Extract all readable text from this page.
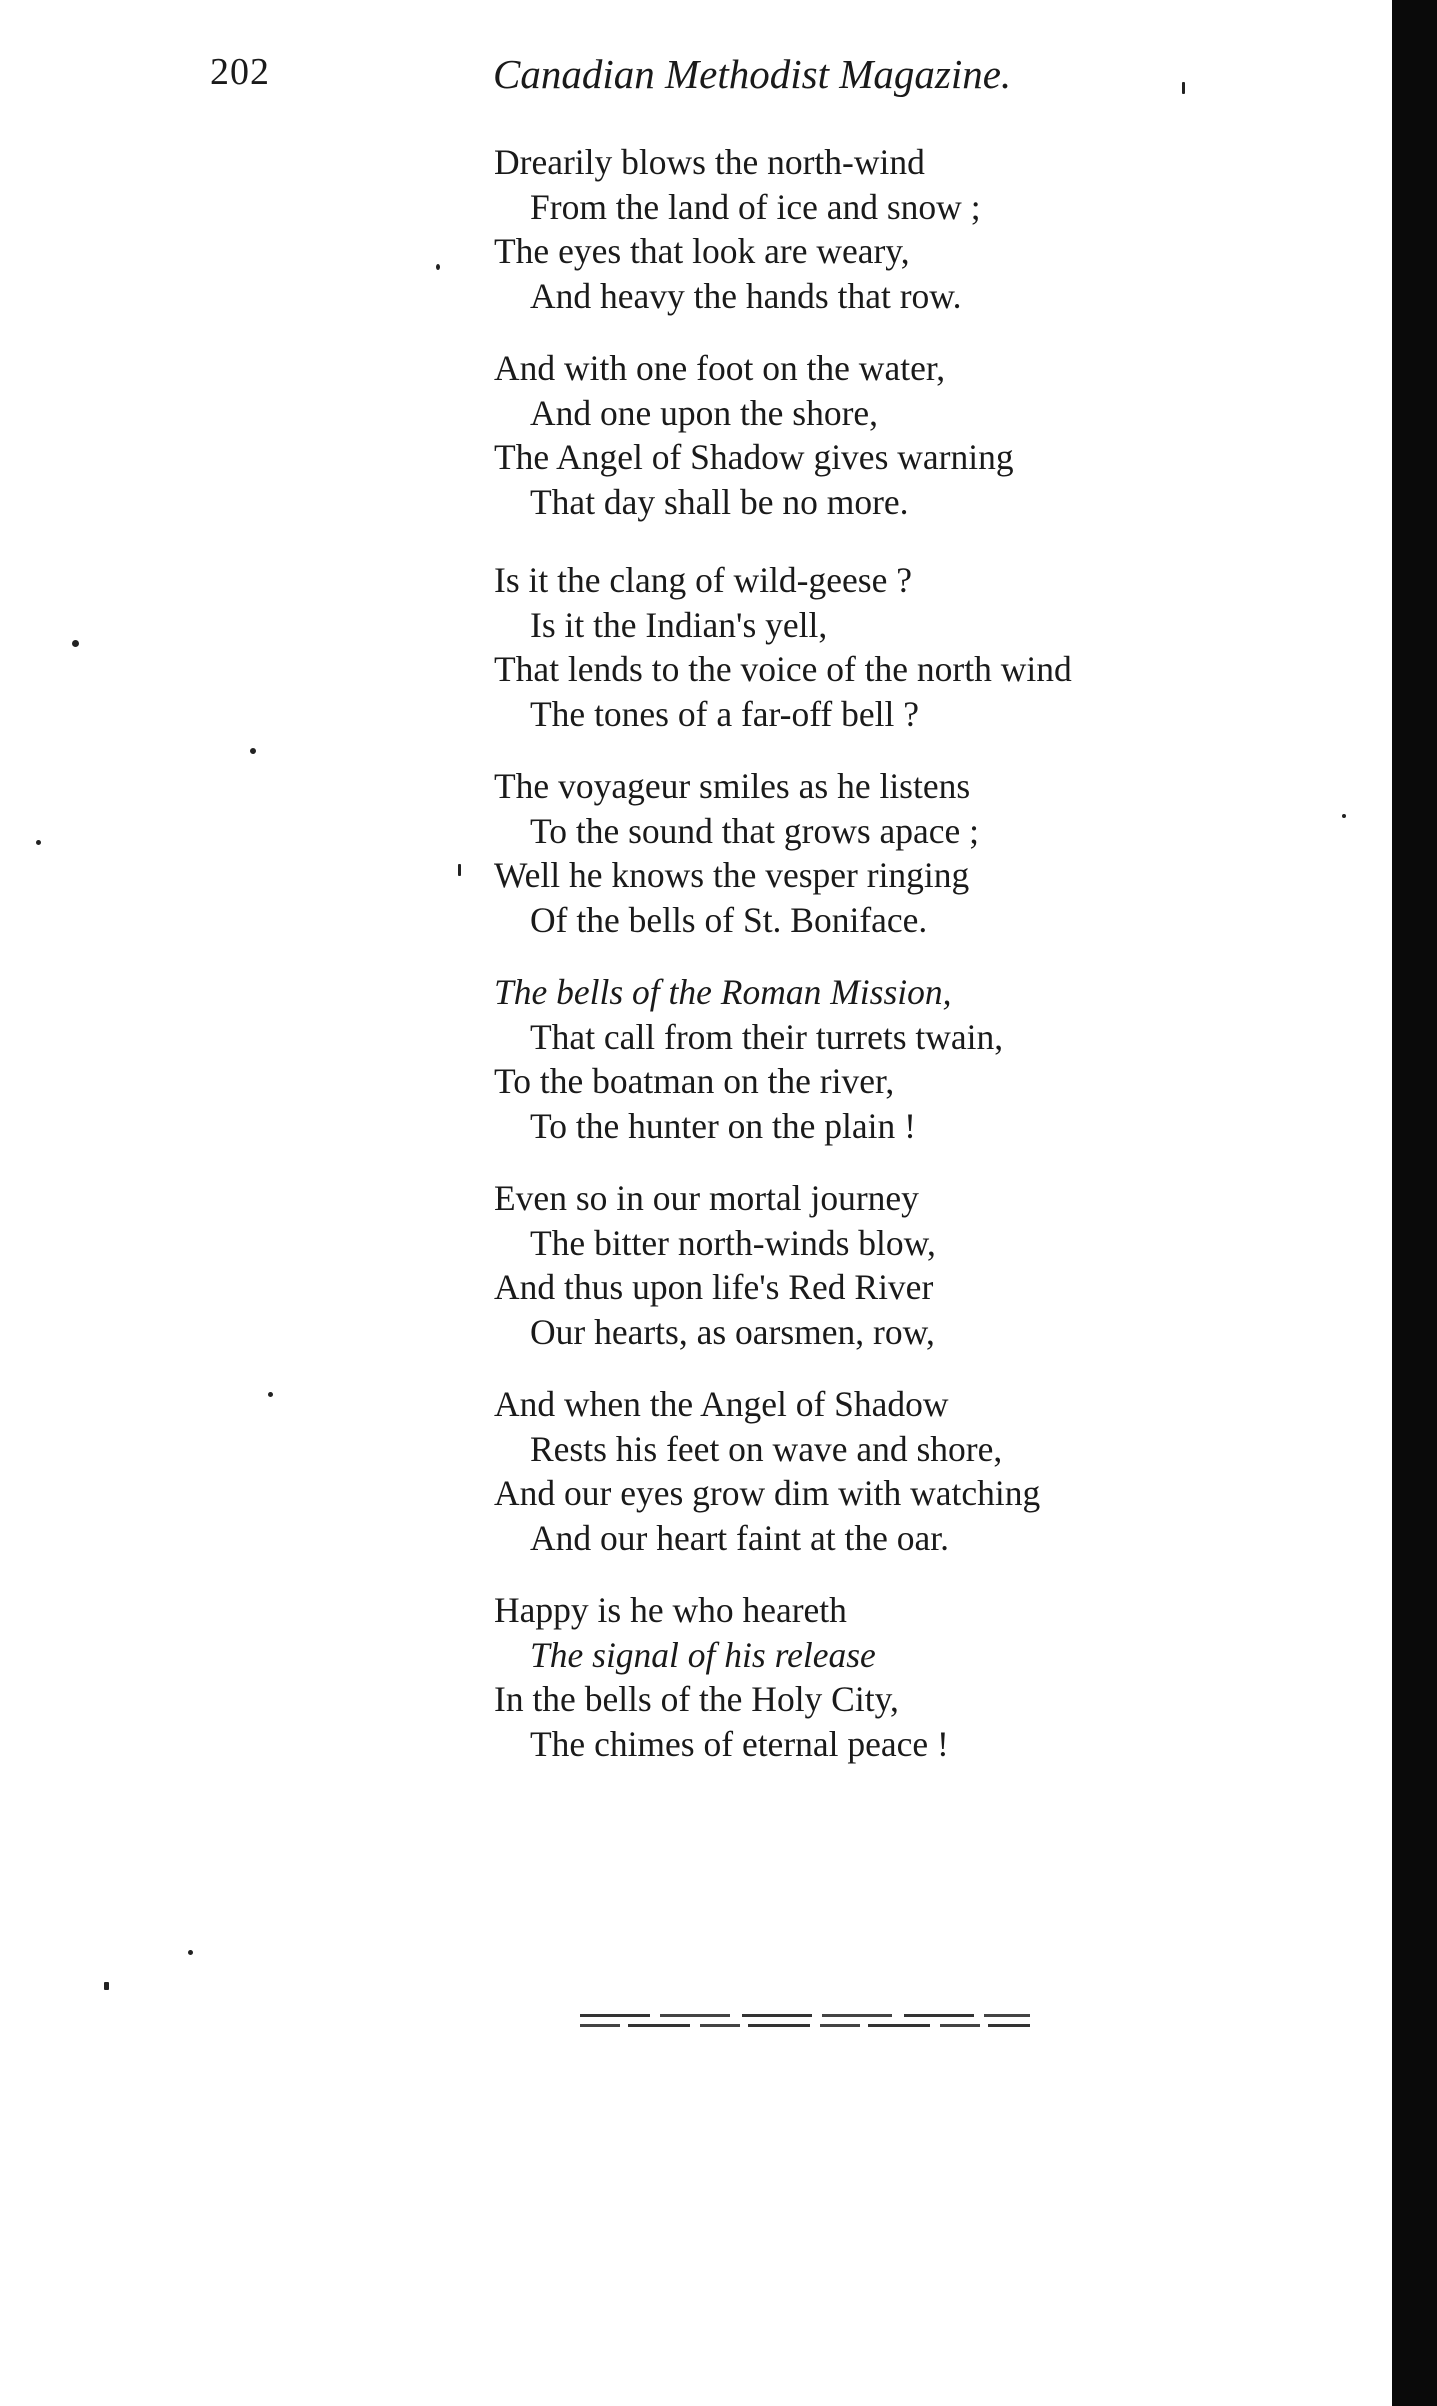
202	Canadian Methodist Magazine.
Drearily blows the north-wind
From the land of ice and snow ;
The eyes that look are weary,
And heavy the hands that row.
And with one foot on the water,
And one upon the shore,
The Angel of Shadow gives warning
That day shall be no more.
Is it the clang of wild-geese ?
Is it the Indian's yell,
That lends to the voice of the north wind
The tones of a far-off bell ?
The voyageur smiles as he listens
To the sound that grows apace ;
Well he knows the vesper ringing
Of the bells of St. Boniface.
The bells of the Roman Mission,
That call from their turrets twain,
To the boatman on the river,
To the hunter on the plain !
Even so in our mortal journey
The bitter north-winds blow,
And thus upon life's Red River
Our hearts, as oarsmen, row,
And when the Angel of Shadow
Rests his feet on wave and shore,
And our eyes grow dim with watching
And our heart faint at the oar.
Happy is he who heareth
The signal of his release
In the bells of the Holy City,
The chimes of eternal peace !
